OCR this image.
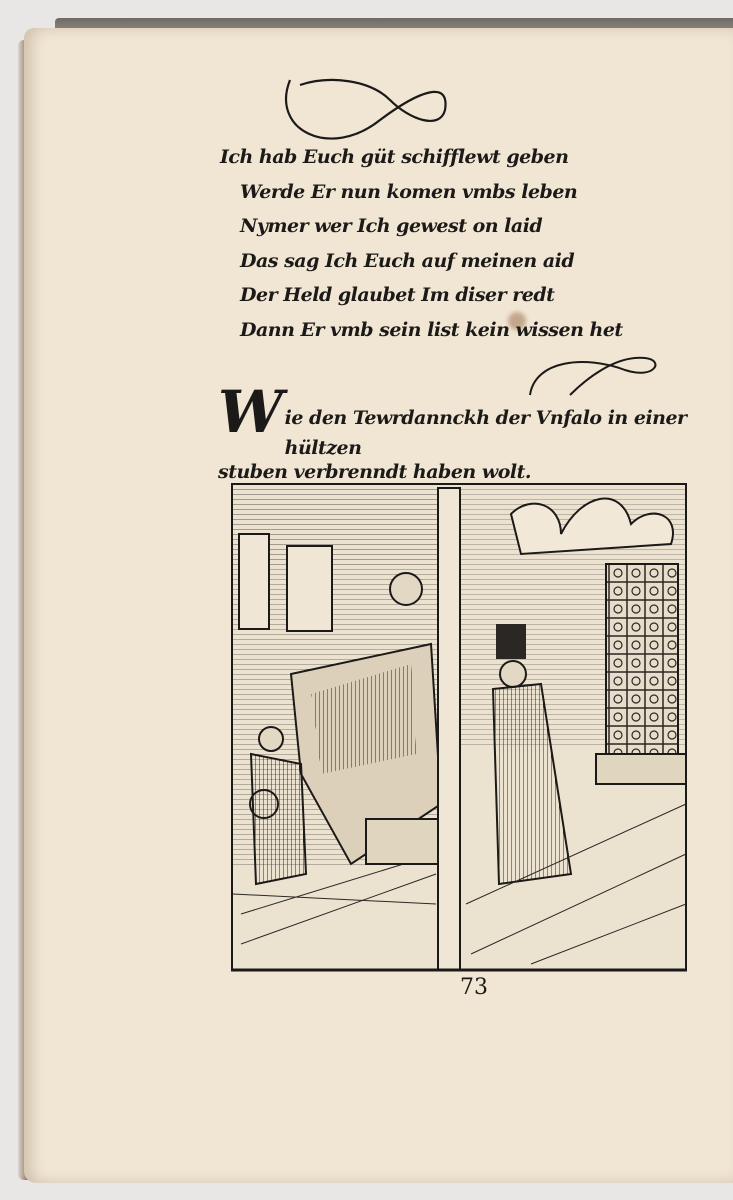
Ich hab Euch güt schifflewt geben
Werde Er nun komen vmbs leben
Nymer wer Ich gewest on laid
Das sag Ich Euch auf meinen aid
Der Held glaubet Im diser redt
Dann Er vmb sein list kein wissen het
W ie den Tewrdannckh der Vnfalo in einer hültzen
stuben verbrenndt haben wolt.
73
